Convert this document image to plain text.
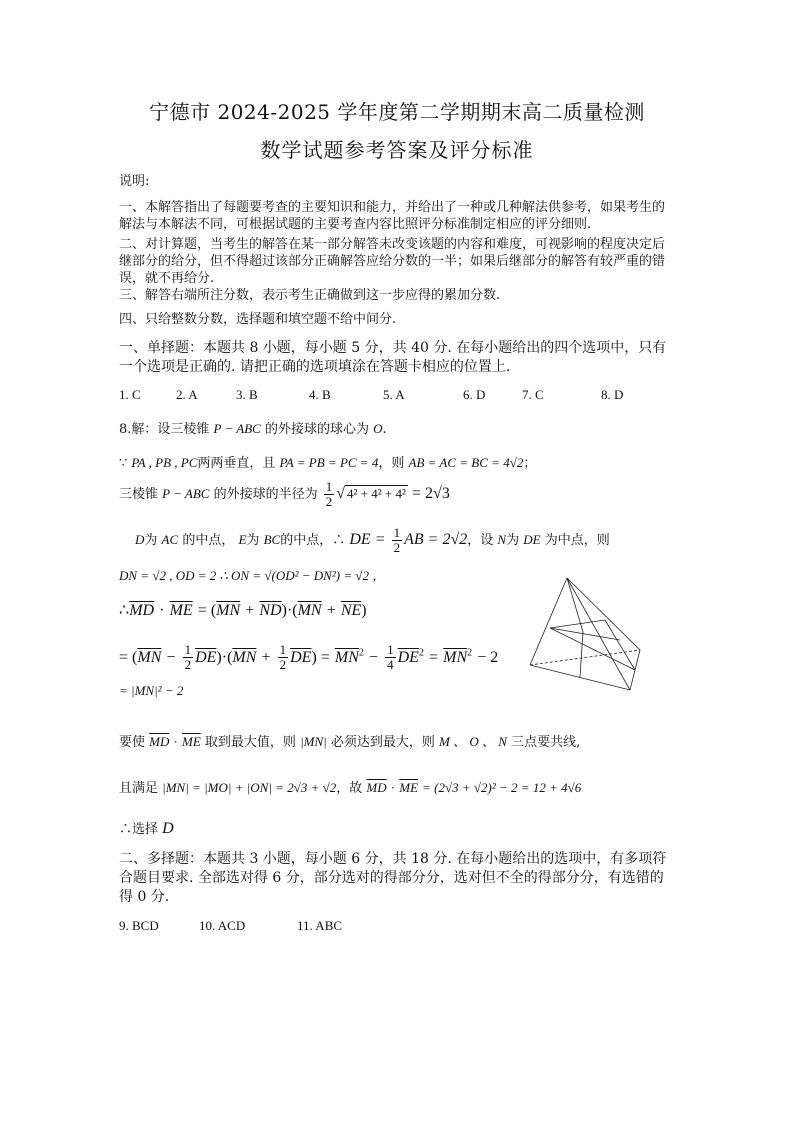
宁德市 2024-2025 学年度第二学期期末高二质量检测
数学试题参考答案及评分标准
说明:
一、本解答指出了每题要考查的主要知识和能力，并给出了一种或几种解法供参考，如果考生的解法与本解法不同，可根据试题的主要考查内容比照评分标准制定相应的评分细则.
二、对计算题，当考生的解答在某一部分解答未改变该题的内容和难度，可视影响的程度决定后继部分的给分，但不得超过该部分正确解答应给分数的一半；如果后继部分的解答有较严重的错误，就不再给分.
三、解答右端所注分数，表示考生正确做到这一步应得的累加分数.
四、只给整数分数，选择题和填空题不给中间分.
一、单择题：本题共 8 小题，每小题 5 分，共 40 分. 在每小题给出的四个选项中，只有一个选项是正确的. 请把正确的选项填涂在答题卡相应的位置上.
1. C	2. A	3. B	4. B	5. A	6. D	7. C	8. D
8.解：设三棱锥 P − ABC 的外接球的球心为 O.
∵ PA , PB , PC两两垂直，且 PA = PB = PC = 4，则 AB = AC = BC = 4√2；
三棱锥 P − ABC 的外接球的半径为 $\frac{1}{2}$ √ 4² + 4² + 4² = 2√3
D为 AC 的中点， E为 BC的中点，∴ DE = $\frac{1}{2}$ AB = 2√2，设 N为 DE 为中点，则
DN = √2 , OD = 2 ∴ ON = √(OD² − DN²) = √2 ，
$\therefore\overline{MD} \cdot \overline{ME} = (\overline{MN} + \overline{ND})\cdot(\overline{MN} + \overline{NE})$
= $(\overline{MN} - \frac{1}{2} \overline{DE})\cdot(\overline{MN} + \frac{1}{2} \overline{DE}) = \overline{MN}^2 - \frac{1}{4} \overline{DE}^2 = \overline{MN}^2 - 2$
= |MN|² − 2
要使 $\overline{MD} \cdot \overline{ME}$ 取到最大值，则 |MN| 必须达到最大，则 M 、 O 、 N 三点要共线,
且满足 |MN| = |MO| + |ON| = 2√3 + √2，故 $\overline{MD} \cdot \overline{ME} = (2√3 + √2)^2 - 2 = 12 + 4√6$
∴选择 D
二、多择题：本题共 3 小题，每小题 6 分，共 18 分. 在每小题给出的选项中，有多项符合题目要求. 全部选对得 6 分，部分选对的得部分分，选对但不全的得部分分，有选错的得 0 分.
9. BCD	10. ACD	11. ABC
